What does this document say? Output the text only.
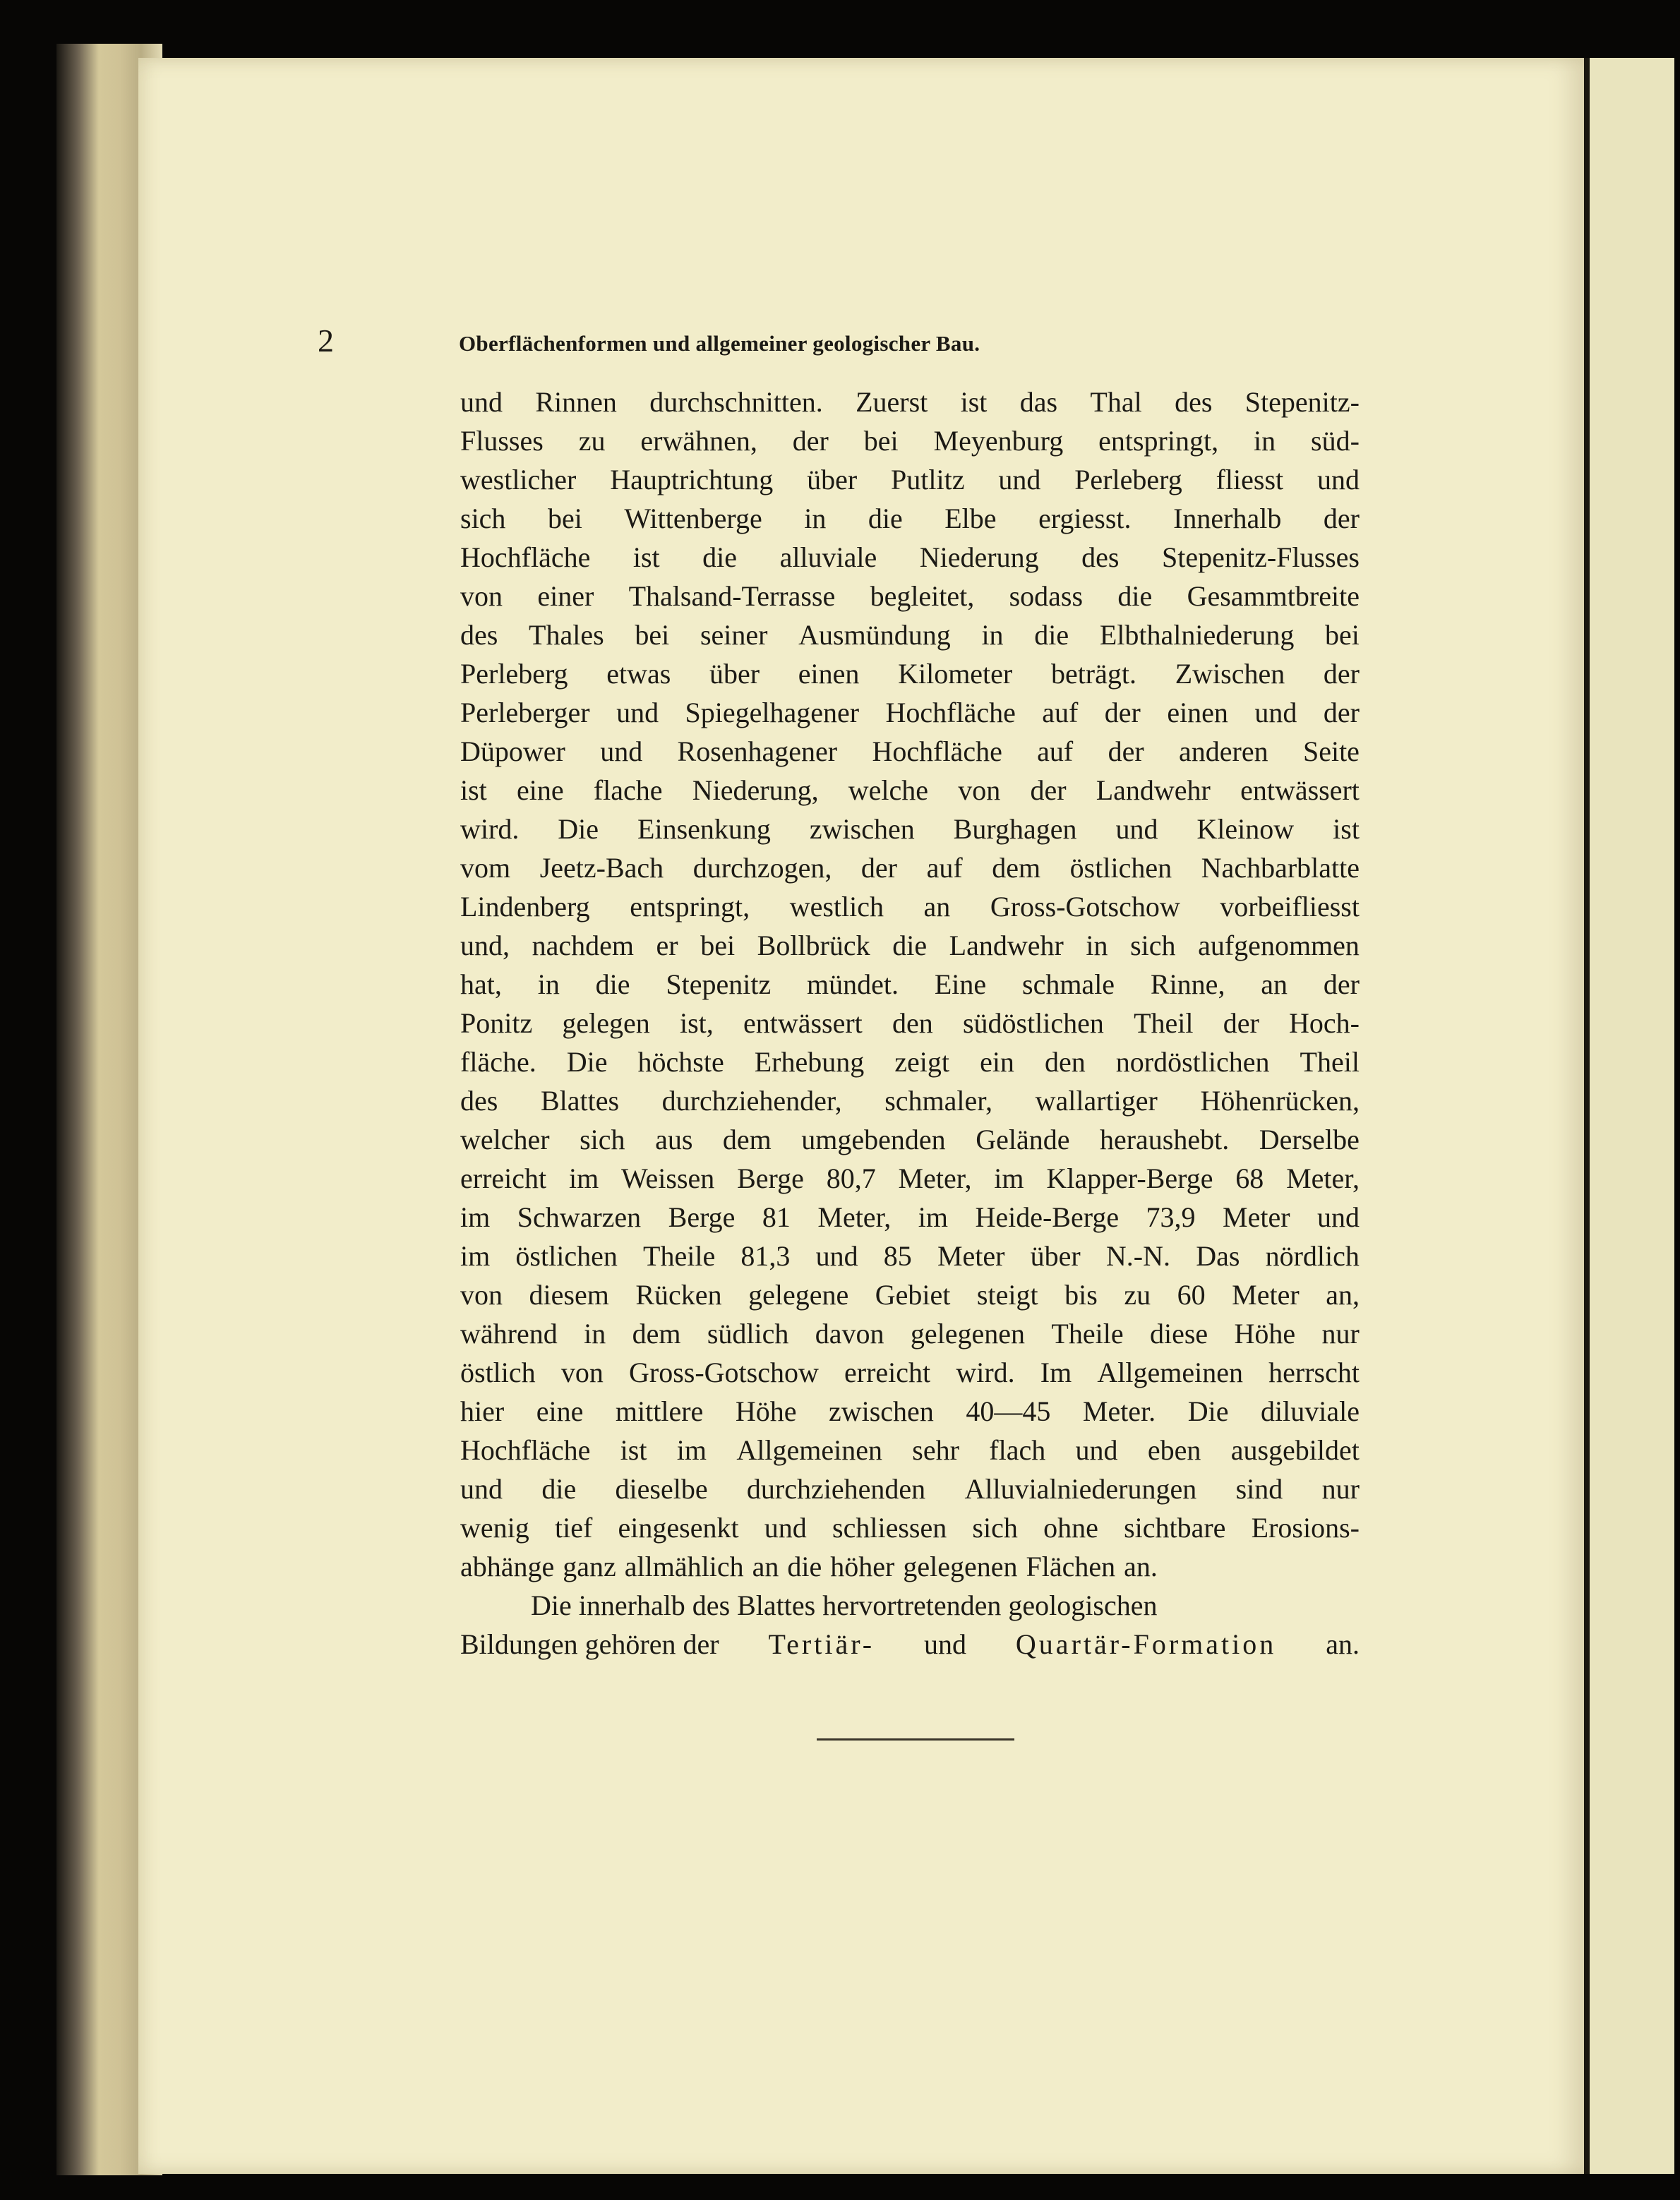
2	Oberflächenformen und allgemeiner geologischer Bau.
und Rinnen durchschnitten. Zuerst ist das Thal des Stepenitz-
Flusses zu erwähnen, der bei Meyenburg entspringt, in süd-
westlicher Hauptrichtung über Putlitz und Perleberg fliesst und
sich bei Wittenberge in die Elbe ergiesst. Innerhalb der
Hochfläche ist die alluviale Niederung des Stepenitz-Flusses
von einer Thalsand-Terrasse begleitet, sodass die Gesammtbreite
des Thales bei seiner Ausmündung in die Elbthalniederung bei
Perleberg etwas über einen Kilometer beträgt. Zwischen der
Perleberger und Spiegelhagener Hochfläche auf der einen und der
Düpower und Rosenhagener Hochfläche auf der anderen Seite
ist eine flache Niederung, welche von der Landwehr entwässert
wird. Die Einsenkung zwischen Burghagen und Kleinow ist
vom Jeetz-Bach durchzogen, der auf dem östlichen Nachbarblatte
Lindenberg entspringt, westlich an Gross-Gotschow vorbeifliesst
und, nachdem er bei Bollbrück die Landwehr in sich aufgenommen
hat, in die Stepenitz mündet. Eine schmale Rinne, an der
Ponitz gelegen ist, entwässert den südöstlichen Theil der Hoch-
fläche. Die höchste Erhebung zeigt ein den nordöstlichen Theil
des Blattes durchziehender, schmaler, wallartiger Höhenrücken,
welcher sich aus dem umgebenden Gelände heraushebt. Derselbe
erreicht im Weissen Berge 80,7 Meter, im Klapper-Berge 68 Meter,
im Schwarzen Berge 81 Meter, im Heide-Berge 73,9 Meter und
im östlichen Theile 81,3 und 85 Meter über N.-N. Das nördlich
von diesem Rücken gelegene Gebiet steigt bis zu 60 Meter an,
während in dem südlich davon gelegenen Theile diese Höhe nur
östlich von Gross-Gotschow erreicht wird. Im Allgemeinen herrscht
hier eine mittlere Höhe zwischen 40—45 Meter. Die diluviale
Hochfläche ist im Allgemeinen sehr flach und eben ausgebildet
und die dieselbe durchziehenden Alluvialniederungen sind nur
wenig tief eingesenkt und schliessen sich ohne sichtbare Erosions-
abhänge ganz allmählich an die höher gelegenen Flächen an.
Die innerhalb des Blattes hervortretenden geologischen
Bildungen gehören der Tertiär- und Quartär-Formation an.
